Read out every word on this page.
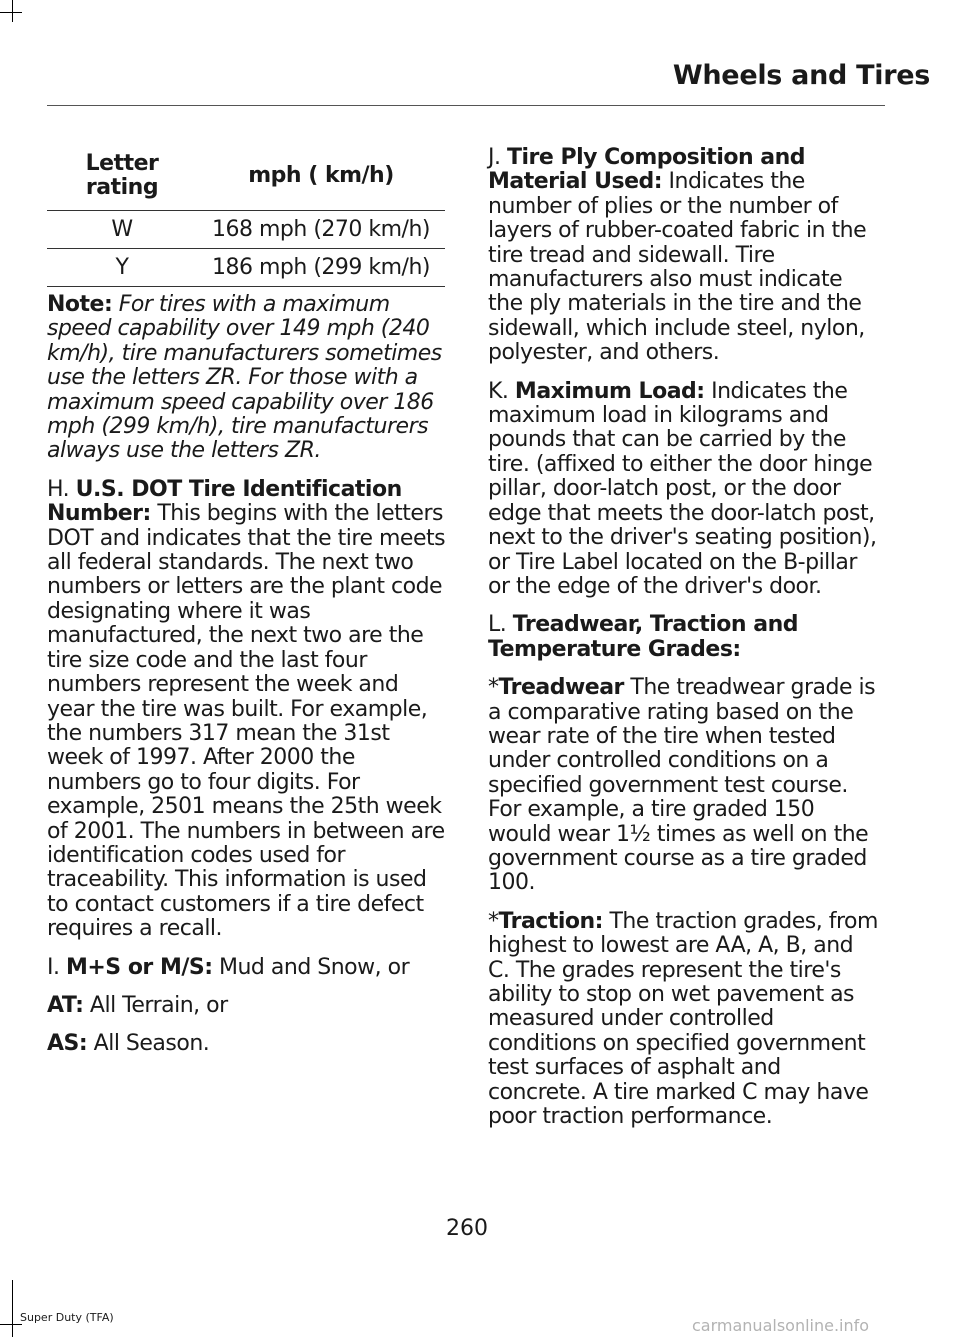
Wheels and Tires
Letter rating	mph ( km/h)
W	168 mph (270 km/h)
Y	186 mph (299 km/h)

Note: For tires with a maximum speed capability over 149 mph (240 km/h), tire manufacturers sometimes use the letters ZR. For those with a maximum speed capability over 186 mph (299 km/h), tire manufacturers always use the letters ZR.

H. U.S. DOT Tire Identification Number: This begins with the letters DOT and indicates that the tire meets all federal standards. The next two numbers or letters are the plant code designating where it was manufactured, the next two are the tire size code and the last four numbers represent the week and year the tire was built. For example, the numbers 317 mean the 31st week of 1997. After 2000 the numbers go to four digits. For example, 2501 means the 25th week of 2001. The numbers in between are identification codes used for traceability. This information is used to contact customers if a tire defect requires a recall.

I. M+S or M/S: Mud and Snow, or

AT: All Terrain, or

AS: All Season.

J. Tire Ply Composition and Material Used: Indicates the number of plies or the number of layers of rubber-coated fabric in the tire tread and sidewall. Tire manufacturers also must indicate the ply materials in the tire and the sidewall, which include steel, nylon, polyester, and others.

K. Maximum Load: Indicates the maximum load in kilograms and pounds that can be carried by the tire. (affixed to either the door hinge pillar, door-latch post, or the door edge that meets the door-latch post, next to the driver's seating position), or Tire Label located on the B-pillar or the edge of the driver's door.

L. Treadwear, Traction and Temperature Grades:

*Treadwear The treadwear grade is a comparative rating based on the wear rate of the tire when tested under controlled conditions on a specified government test course. For example, a tire graded 150 would wear 1½ times as well on the government course as a tire graded 100.

*Traction: The traction grades, from highest to lowest are AA, A, B, and C. The grades represent the tire's ability to stop on wet pavement as measured under controlled conditions on specified government test surfaces of asphalt and concrete. A tire marked C may have poor traction performance.

260
Super Duty (TFA)	carmanualsonline.info
